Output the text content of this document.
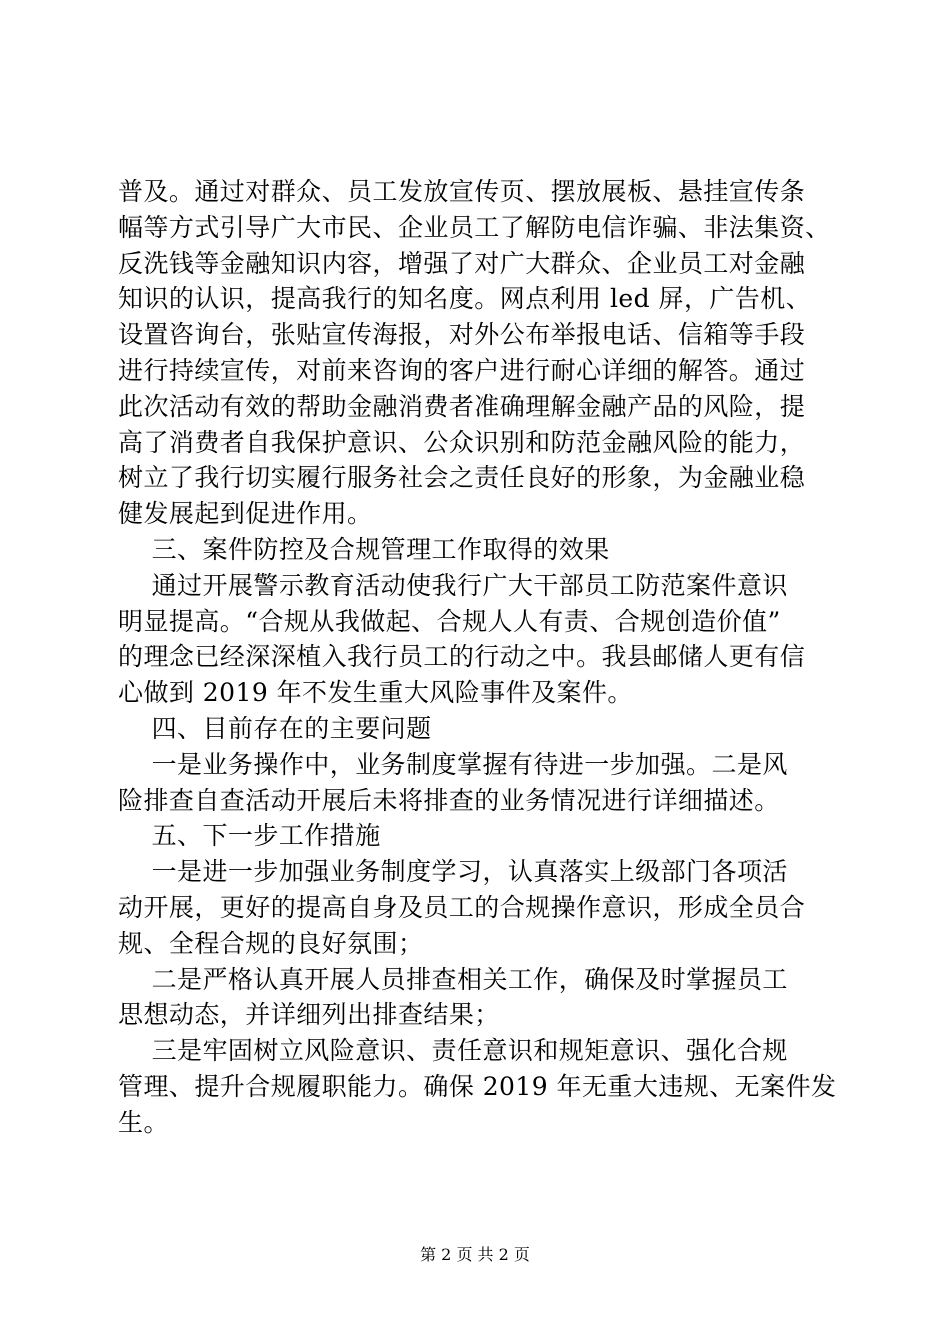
普及。通过对群众、员工发放宣传页、摆放展板、悬挂宣传条
幅等方式引导广大市民、企业员工了解防电信诈骗、非法集资、
反洗钱等金融知识内容，增强了对广大群众、企业员工对金融
知识的认识，提高我行的知名度。网点利用 led 屏，广告机、
设置咨询台，张贴宣传海报，对外公布举报电话、信箱等手段
进行持续宣传，对前来咨询的客户进行耐心详细的解答。通过
此次活动有效的帮助金融消费者准确理解金融产品的风险，提
高了消费者自我保护意识、公众识别和防范金融风险的能力，
树立了我行切实履行服务社会之责任良好的形象，为金融业稳
健发展起到促进作用。
三、案件防控及合规管理工作取得的效果
通过开展警示教育活动使我行广大干部员工防范案件意识
明显提高。“合规从我做起、合规人人有责、合规创造价值”
的理念已经深深植入我行员工的行动之中。我县邮储人更有信
心做到 2019 年不发生重大风险事件及案件。
四、目前存在的主要问题
一是业务操作中，业务制度掌握有待进一步加强。二是风
险排查自查活动开展后未将排查的业务情况进行详细描述。
五、下一步工作措施
一是进一步加强业务制度学习，认真落实上级部门各项活
动开展，更好的提高自身及员工的合规操作意识，形成全员合
规、全程合规的良好氛围；
二是严格认真开展人员排查相关工作，确保及时掌握员工
思想动态，并详细列出排查结果；
三是牢固树立风险意识、责任意识和规矩意识、强化合规
管理、提升合规履职能力。确保 2019 年无重大违规、无案件发
生。
第 2 页 共 2 页
